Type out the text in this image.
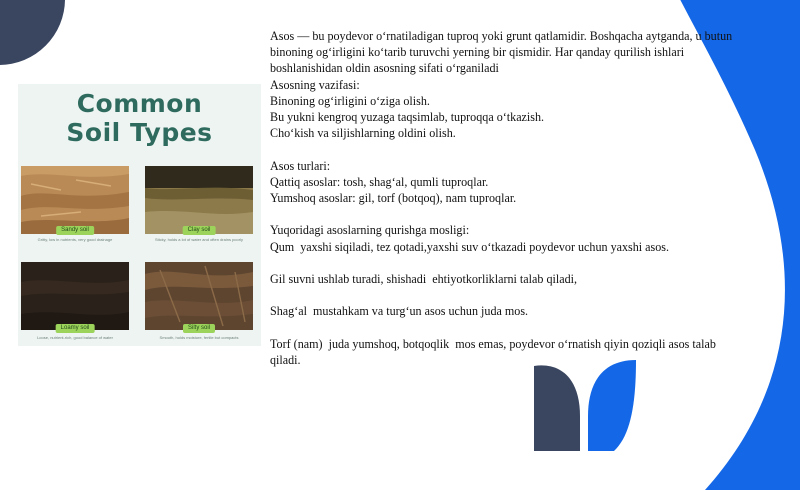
Common
Soil Types
Sandy soil
Gritty, low in nutrients, very good drainage
Clay soil
Sticky, holds a lot of water and often drains poorly
Loamy soil
Loose, nutrient-rich, good balance of water
Silty soil
Smooth, holds moisture, fertile but compacts

Asos — bu poydevor o‘rnatiladigan tuproq yoki grunt qatlamidir. Boshqacha aytganda, u butun binoning og‘irligini ko‘tarib turuvchi yerning bir qismidir. Har qanday qurilish ishlari boshlanishidan oldin asosning sifati o‘rganiladi

Asosning vazifasi:

Binoning og‘irligini o‘ziga olish.

Bu yukni kengroq yuzaga taqsimlab, tuproqqa o‘tkazish.

Cho‘kish va siljishlarning oldini olish.

Asos turlari:

Qattiq asoslar: tosh, shag‘al, qumli tuproqlar.

Yumshoq asoslar: gil, torf (botqoq), nam tuproqlar.

Yuqoridagi asoslarning qurishga mosligi:

Qum  yaxshi siqiladi, tez qotadi,yaxshi suv o‘tkazadi poydevor uchun yaxshi asos.

Gil suvni ushlab turadi, shishadi  ehtiyotkorliklarni talab qiladi,

Shag‘al  mustahkam va turg‘un asos uchun juda mos.

Torf (nam)  juda yumshoq, botqoqlik  mos emas, poydevor o‘rnatish qiyin qoziqli asos talab qiladi.
